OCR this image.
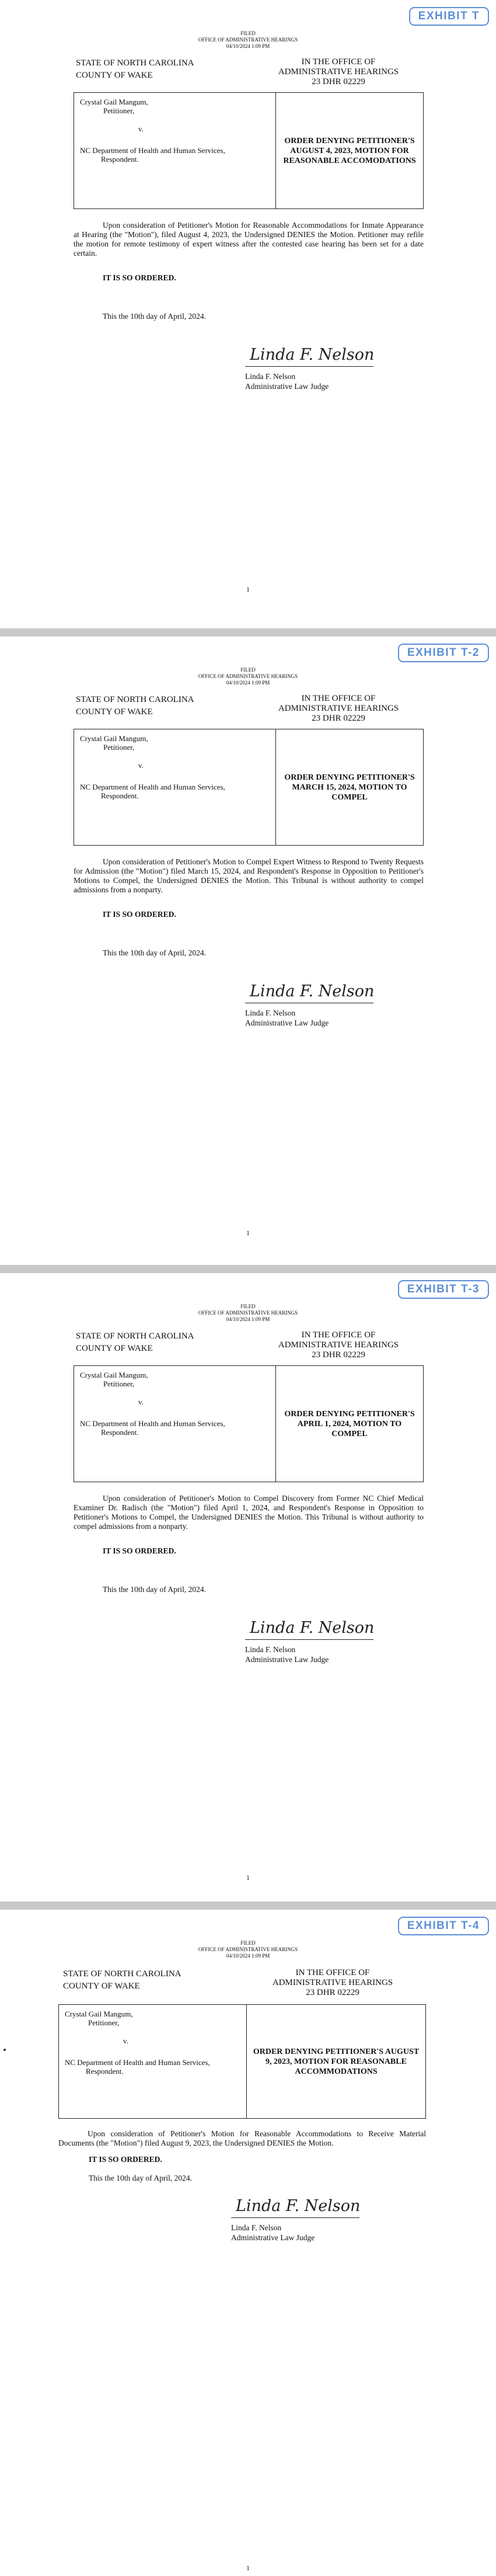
EXHIBIT T
FILED
OFFICE OF ADMINISTRATIVE HEARINGS
04/10/2024 1:09 PM
STATE OF NORTH CAROLINA
COUNTY OF WAKE
IN THE OFFICE OF
ADMINISTRATIVE HEARINGS
23 DHR 02229
Crystal Gail Mangum,
Petitioner,
v.
NC Department of Health and Human Services,
Respondent.
ORDER DENYING PETITIONER'S AUGUST 4, 2023, MOTION FOR REASONABLE ACCOMODATIONS
Upon consideration of Petitioner's Motion for Reasonable Accommodations for Inmate Appearance at Hearing (the "Motion"), filed August 4, 2023, the Undersigned DENIES the Motion. Petitioner may refile the motion for remote testimony of expert witness after the contested case hearing has been set for a date certain.
IT IS SO ORDERED.
This the 10th day of April, 2024.
Linda F. Nelson
Linda F. Nelson
Administrative Law Judge
1
EXHIBIT T-2
FILED
OFFICE OF ADMINISTRATIVE HEARINGS
04/10/2024 1:09 PM
STATE OF NORTH CAROLINA
COUNTY OF WAKE
IN THE OFFICE OF
ADMINISTRATIVE HEARINGS
23 DHR 02229
Crystal Gail Mangum,
Petitioner,
v.
NC Department of Health and Human Services,
Respondent.
ORDER DENYING PETITIONER'S MARCH 15, 2024, MOTION TO COMPEL
Upon consideration of Petitioner's Motion to Compel Expert Witness to Respond to Twenty Requests for Admission (the "Motion") filed March 15, 2024, and Respondent's Response in Opposition to Petitioner's Motions to Compel, the Undersigned DENIES the Motion. This Tribunal is without authority to compel admissions from a nonparty.
IT IS SO ORDERED.
This the 10th day of April, 2024.
Linda F. Nelson
Linda F. Nelson
Administrative Law Judge
1
EXHIBIT T-3
FILED
OFFICE OF ADMINISTRATIVE HEARINGS
04/10/2024 1:09 PM
STATE OF NORTH CAROLINA
COUNTY OF WAKE
IN THE OFFICE OF
ADMINISTRATIVE HEARINGS
23 DHR 02229
Crystal Gail Mangum,
Petitioner,
v.
NC Department of Health and Human Services,
Respondent.
ORDER DENYING PETITIONER'S APRIL 1, 2024, MOTION TO COMPEL
Upon consideration of Petitioner's Motion to Compel Discovery from Former NC Chief Medical Examiner Dr. Radisch (the "Motion") filed April 1, 2024, and Respondent's Response in Opposition to Petitioner's Motions to Compel, the Undersigned DENIES the Motion. This Tribunal is without authority to compel admissions from a nonparty.
IT IS SO ORDERED.
This the 10th day of April, 2024.
Linda F. Nelson
Linda F. Nelson
Administrative Law Judge
1
EXHIBIT T-4
FILED
OFFICE OF ADMINISTRATIVE HEARINGS
04/10/2024 1:09 PM
STATE OF NORTH CAROLINA
COUNTY OF WAKE
IN THE OFFICE OF
ADMINISTRATIVE HEARINGS
23 DHR 02229
Crystal Gail Mangum,
Petitioner,
v.
NC Department of Health and Human Services,
Respondent.
ORDER DENYING PETITIONER'S AUGUST 9, 2023, MOTION FOR REASONABLE ACCOMMODATIONS
Upon consideration of Petitioner's Motion for Reasonable Accommodations to Receive Material Documents (the "Motion") filed August 9, 2023, the Undersigned DENIES the Motion.
IT IS SO ORDERED.
This the 10th day of April, 2024.
Linda F. Nelson
Linda F. Nelson
Administrative Law Judge
1
